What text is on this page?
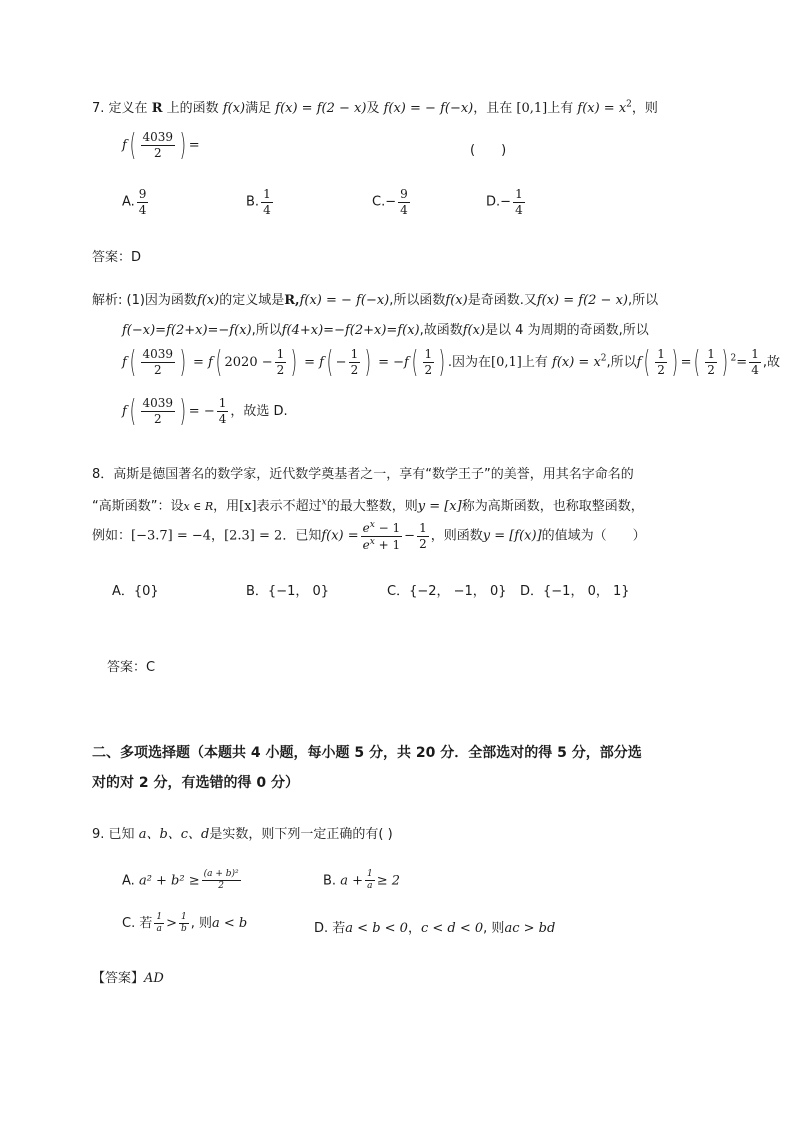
7. 定义在 R 上的函数 f(x)满足 f(x) = f(2 − x)及 f(x) = − f(−x)，且在 [0,1]上有 $f(x) = x^2$，则
$f( \frac{4039}{2}$ ) =	(　　)
A. $\frac{9}{4}$	B. $\frac{1}{4}$	$C.- \frac{9}{4}$	$D.- \frac{1}{4}$
答案：D
解析: (1)因为函数f(x)的定义域是R,f(x) = − f(−x),所以函数f(x)是奇函数.又f(x) = f(2 − x),所以
f(−x)=f(2+x)=−f(x),所以f(4+x)=−f(2+x)=f(x),故函数f(x)是以 4 为周期的奇函数,所以
$f( \frac{4039}{2}$ ) = f( $2020 - \frac{1}{2}$ ) = $f( - \frac{1}{2}$ ) = $-f( \frac{1}{2}$ ) .因为在[0,1]上有 $f(x) = x^2$,所以$f( \frac{1}{2}$ ) =( $\frac{1}{2}$ ) $^2= \frac{1}{4}$ ,故
$f( \frac{4039}{2}$ ) = − $\frac{1}{4}$ ，故选 D.
8．高斯是德国著名的数学家，近代数学奠基者之一，享有“数学王子”的美誉，用其名字命名的
“高斯函数”：设x ∈ R，用[x]表示不超过$^x$的最大整数，则y = [x]称为高斯函数，也称取整函数，
例如：[−3.7] = −4，[2.3] = 2．已知$f(x) = \frac{e^x - 1}{e^x + 1} - \frac{1}{2}$ ，则函数y = [f(x)]的值域为（　　）
A．{0}	B．{−1， 0}	C．{−2， −1， 0} D．{−1， 0， 1}
答案：C
二、多项选择题（本题共 4 小题，每小题 5 分，共 20 分．全部选对的得 5 分，部分选
对的对 2 分，有选错的得 0 分）
9. 已知 a、b、c、d是实数，则下列一定正确的有( )
A. $a^2 + b^2 \ge \frac{\text{(a + b)²}}{2}$	B. $a + \frac{1}{a} \ge 2$
C. 若 $\frac{1}{a} > \frac{1}{b}$ , 则a < b	D. 若a < b < 0，c < d < 0, 则ac > bd
【答案】AD
